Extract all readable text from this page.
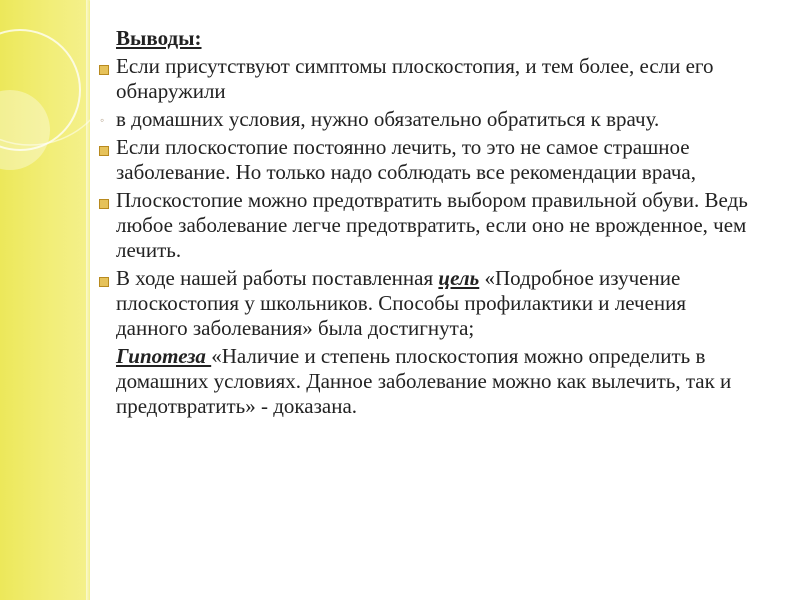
Выводы:
Если присутствуют симптомы плоскостопия, и тем более, если его обнаружили
◦ в домашних условия, нужно обязательно обратиться к врачу.
Если плоскостопие постоянно лечить, то это не самое страшное заболевание. Но только надо соблюдать все рекомендации врача,
Плоскостопие можно предотвратить выбором правильной обуви. Ведь любое заболевание легче предотвратить, если оно не врожденное, чем лечить.
В ходе нашей работы поставленная цель «Подробное изучение плоскостопия у школьников. Способы профилактики и лечения данного заболевания» была достигнута;
Гипотеза «Наличие и степень плоскостопия можно определить в домашних условиях. Данное заболевание можно как вылечить, так и предотвратить» - доказана.
